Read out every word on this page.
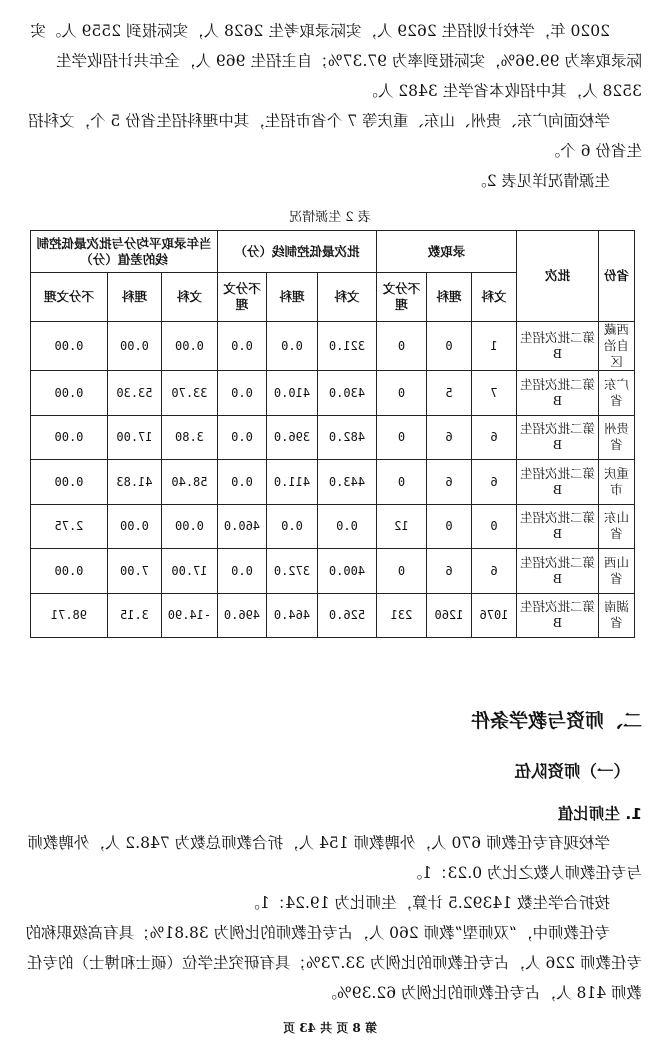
2020 年，学校计划招生 2629 人，实际录取考生 2628 人，实际报到 2559 人。实际录取率为 99.96%，实际报到率为 97.37%；自主招生 969 人，全年共计招收学生 3528 人，其中招收本省学生 3482 人。

学校面向广东、贵州、山东、重庆等 7 个省市招生，其中理科招生省份 5 个，文科招生省份 6 个。

生源情况详见表 2。

表 2 生源情况

省份	批次	录取数			批次最低控制线（分）			当年录取平均分与批次最低控制线的差值（分）		
		文科	理科	不分文理	文科	理科	不分文理	文科	理科	不分文理
西藏自治区	第二批次招生 B	1	0	0	321.0	0.0	0.0	0.00	0.00	0.00
广东省	第二批次招生 B	7	5	0	430.0	410.0	0.0	33.70	53.30	0.00
贵州省	第二批次招生 B	6	6	0	482.0	396.0	0.0	3.80	17.00	0.00
重庆市	第二批次招生 B	6	6	0	443.0	411.0	0.0	58.40	41.83	0.00
山东省	第二批次招生 B	0	0	12	0.0	0.0	460.0	0.00	0.00	2.75
山西省	第二批次招生 B	6	6	0	400.0	372.0	0.0	17.00	7.00	0.00
湖南省	第二批次招生 B	1076	1260	231	526.0	464.0	496.0	-14.90	3.15	98.71
二、师资与教学条件
（一）师资队伍
1. 生师比值

学校现有专任教师 670 人，外聘教师 154 人，折合教师总数为 748.2 人，外聘教师与专任教师人数之比为 0.23：1。

按折合学生数 14392.5 计算，生师比为 19.24：1。

专任教师中，“双师型”教师 260 人，占专任教师的比例为 38.81%；具有高级职称的专任教师 226 人，占专任教师的比例为 33.73%；具有研究生学位（硕士和博士）的专任教师 418 人，占专任教师的比例为 62.39%。

第 8 页 共 43 页
